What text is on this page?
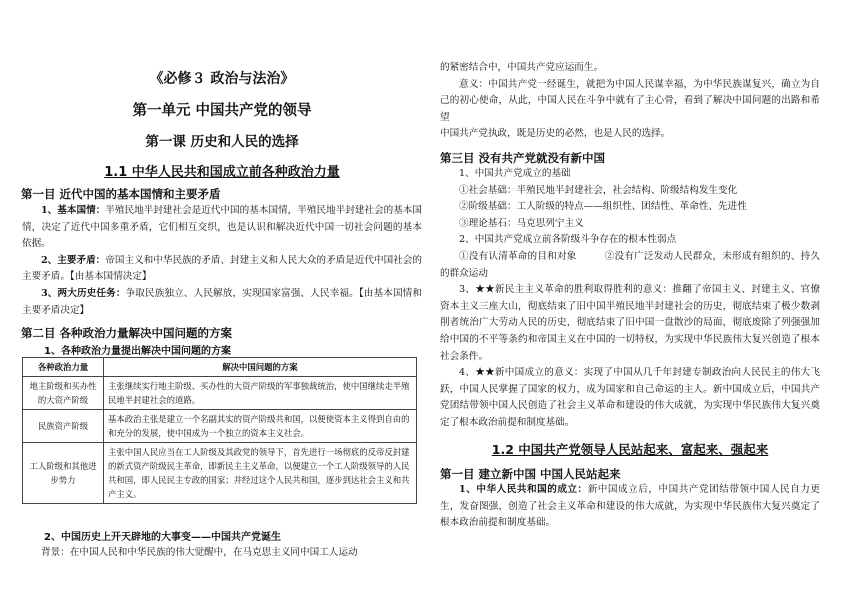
《必修３ 政治与法治》
第一单元 中国共产党的领导
第一课 历史和人民的选择
1.1 中华人民共和国成立前各种政治力量
第一目 近代中国的基本国情和主要矛盾

1、基本国情：半殖民地半封建社会是近代中国的基本国情，半殖民地半封建社会的基本国情，决定了近代中国多重矛盾，它们相互交织，也是认识和解决近代中国一切社会问题的基本依据。

2、主要矛盾：帝国主义和中华民族的矛盾、封建主义和人民大众的矛盾是近代中国社会的主要矛盾。【由基本国情决定】

3、两大历史任务：争取民族独立、人民解放，实现国家富强、人民幸福。【由基本国情和主要矛盾决定】

第二目 各种政治力量解决中国问题的方案
1、各种政治力量提出解决中国问题的方案
各种政治力量	解决中国问题的方案
地主阶级和买办性的大资产阶级	主张继续实行地主阶级、买办性的大资产阶级的军事独裁统治，使中国继续走半殖民地半封建社会的道路。
民族资产阶级	基本政治主张是建立一个名副其实的资产阶级共和国，以便使资本主义得到自由的和充分的发展，使中国成为一个独立的资本主义社会。
工人阶级和其他进步势力	主张中国人民应当在工人阶级及其政党的领导下，首先进行一场彻底的反帝反封建的新式资产阶级民主革命，即新民主主义革命，以便建立一个工人阶级领导的人民共和国，即人民民主专政的国家；并经过这个人民共和国，逐步到达社会主义和共产主义。
2、中国历史上开天辟地的大事变——中国共产党诞生

背景：在中国人民和中华民族的伟大觉醒中，在马克思主义同中国工人运动

的紧密结合中，中国共产党应运而生。

意义：中国共产党一经诞生，就把为中国人民谋幸福，为中华民族谋复兴，确立为自己的初心使命，从此，中国人民在斗争中就有了主心骨，看到了解决中国问题的出路和希望

中国共产党执政，既是历史的必然，也是人民的选择。

第三目 没有共产党就没有新中国

1、中国共产党成立的基础

①社会基础：半殖民地半封建社会，社会结构、阶级结构发生变化

②阶级基础：工人阶级的特点——组织性、团结性、革命性、先进性

③理论基石：马克思列宁主义

2、中国共产党成立前各阶级斗争存在的根本性弱点

①没有认清革命的目和对象	②没有广泛发动人民群众，未形成有组织的、持久的群众运动

3、★★新民主主义革命的胜利取得胜利的意义：推翻了帝国主义、封建主义、官僚资本主义三座大山，彻底结束了旧中国半殖民地半封建社会的历史，彻底结束了极少数剥削者统治广大劳动人民的历史，彻底结束了旧中国一盘散沙的局面，彻底废除了列强强加给中国的不平等条约和帝国主义在中国的一切特权，为实现中华民族伟大复兴创造了根本社会条件。

4、★★新中国成立的意义：实现了中国从几千年封建专制政治向人民民主的伟大飞跃，中国人民掌握了国家的权力，成为国家和自己命运的主人。新中国成立后，中国共产党团结带领中国人民创造了社会主义革命和建设的伟大成就，为实现中华民族伟大复兴奠定了根本政治前提和制度基础。

1.2 中国共产党领导人民站起来、富起来、强起来
第一目 建立新中国 中国人民站起来

1、中华人民共和国的成立：新中国成立后，中国共产党团结带领中国人民自力更生，发奋图强，创造了社会主义革命和建设的伟大成就，为实现中华民族伟大复兴奠定了根本政治前提和制度基础。
